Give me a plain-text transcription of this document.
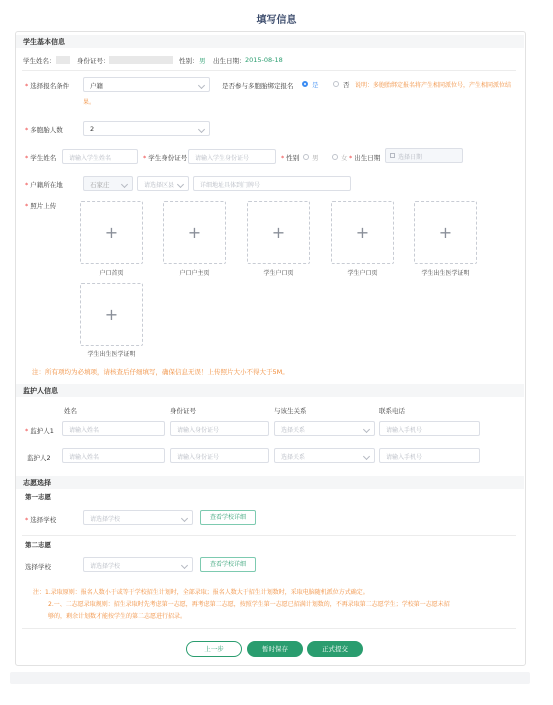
填写信息
学生基本信息
学生姓名：	身份证号：	性别： 男 出生日期： 2015-08-18
* 选择报名条件	户籍	是否参与多胞胎绑定报名	是	否 说明：多胞胎绑定报名将产生相同派位号，产生相同派位结
果。
* 多胞胎人数	2
* 学生姓名 请输入学生姓名	* 学生身份证号 请输入学生身份证号	* 性别 男	女	* 出生日期	选择日期
* 户籍所在地	石家庄	请选择区县	详细地址具体到门牌号
* 照片上传
+	+	+	+	+
+
户口首页	户口户主页	学生户口页	学生户口页	学生出生医学证明
学生出生医学证明
注：所有项均为必填项，请核查后仔细填写，确保信息无误！上传照片大小不得大于5M。
监护人信息
姓名	身份证号	与该生关系	联系电话
* 监护人1	请输入姓名	请输入身份证号	选择关系	请输入手机号
监护人2	请输入姓名	请输入身份证号	选择关系	请输入手机号
志愿选择
第一志愿
* 选择学校	请选择学校	查看学校详细
第二志愿
选择学校	请选择学校	查看学校详细
注：1.录取原则：报名人数小于或等于学校招生计划时，全部录取；报名人数大于招生计划数时，采取电脑随机派位方式确定。
2.一、二志愿录取规则：招生录取时先考虑第一志愿，再考虑第二志愿，按照学生第一志愿已招满计划数的，不再录取第二志愿学生；学校第一志愿未招
够的，剩余计划数才能按学生的第二志愿进行招录。
上一步	暂时保存	正式提交
